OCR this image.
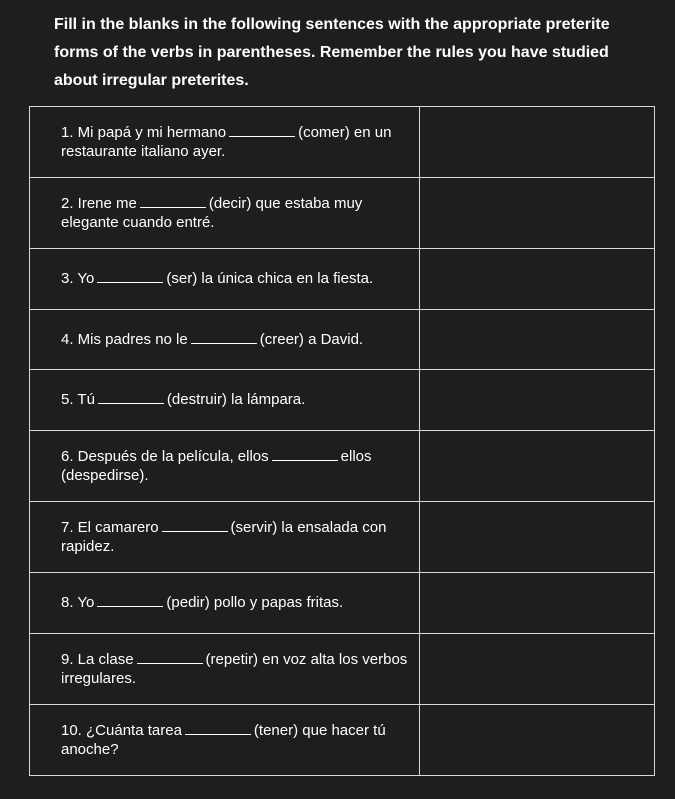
Fill in the blanks in the following sentences with the appropriate preterite forms of the verbs in parentheses. Remember the rules you have studied about irregular preterites.

1. Mi papá y mi hermano (comer) en un restaurante italiano ayer.	
2. Irene me (decir) que estaba muy elegante cuando entré.	
3. Yo (ser) la única chica en la fiesta.	
4. Mis padres no le (creer) a David.	
5. Tú (destruir) la lámpara.	
6. Después de la película, ellos ellos (despedirse).	
7. El camarero (servir) la ensalada con rapidez.	
8. Yo (pedir) pollo y papas fritas.	
9. La clase (repetir) en voz alta los verbos irregulares.	
10. ¿Cuánta tarea (tener) que hacer tú anoche?	
